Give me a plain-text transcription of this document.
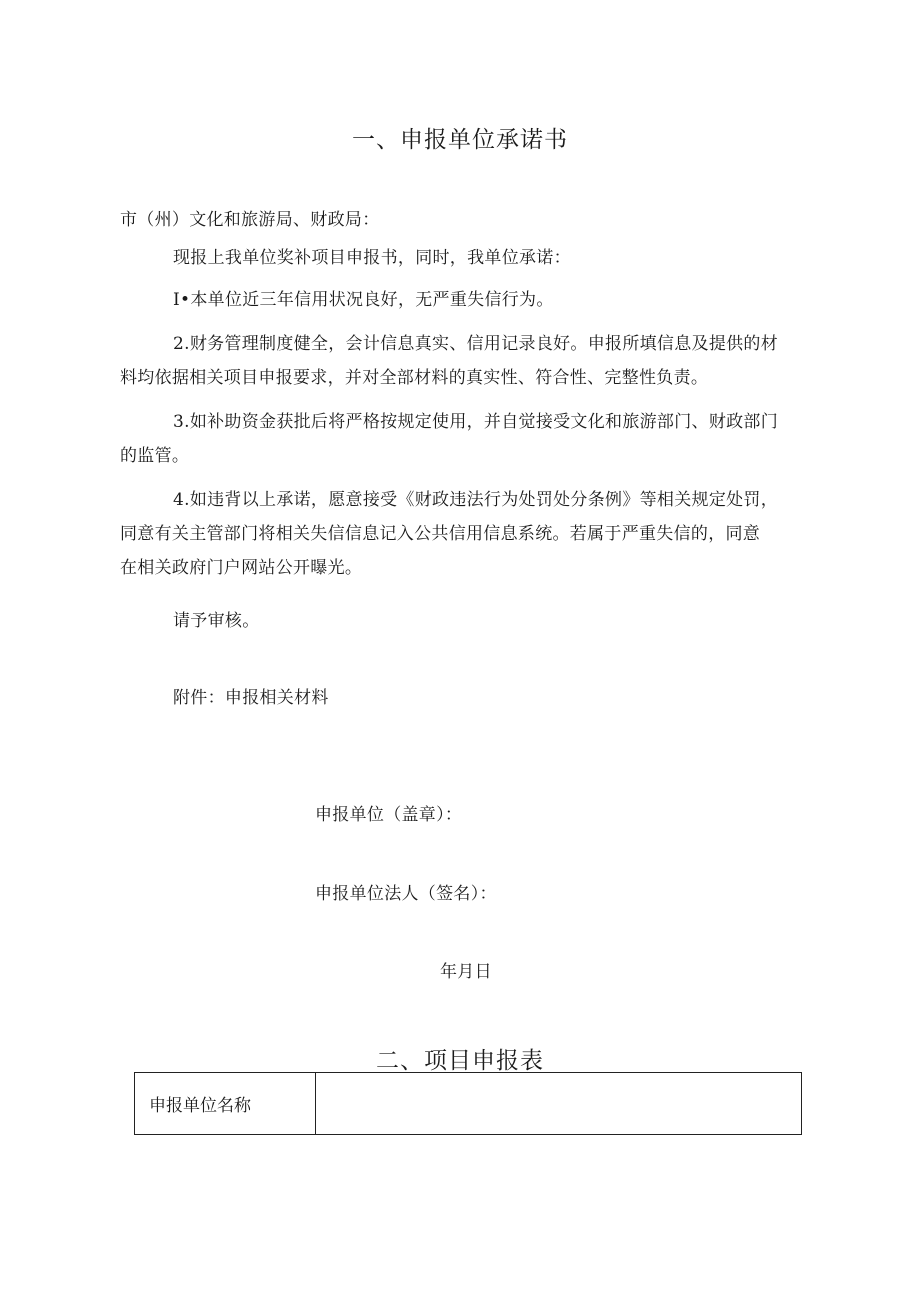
一、申报单位承诺书
市（州）文化和旅游局、财政局：
现报上我单位奖补项目申报书，同时，我单位承诺：
I•本单位近三年信用状况良好，无严重失信行为。
2.财务管理制度健全，会计信息真实、信用记录良好。申报所填信息及提供的材
料均依据相关项目申报要求，并对全部材料的真实性、符合性、完整性负责。
3.如补助资金获批后将严格按规定使用，并自觉接受文化和旅游部门、财政部门
的监管。
4.如违背以上承诺，愿意接受《财政违法行为处罚处分条例》等相关规定处罚，
同意有关主管部门将相关失信信息记入公共信用信息系统。若属于严重失信的，同意
在相关政府门户网站公开曝光。
请予审核。
附件：申报相关材料
申报单位（盖章）：
申报单位法人（签名）：
年月日
二、项目申报表
申报单位名称	
